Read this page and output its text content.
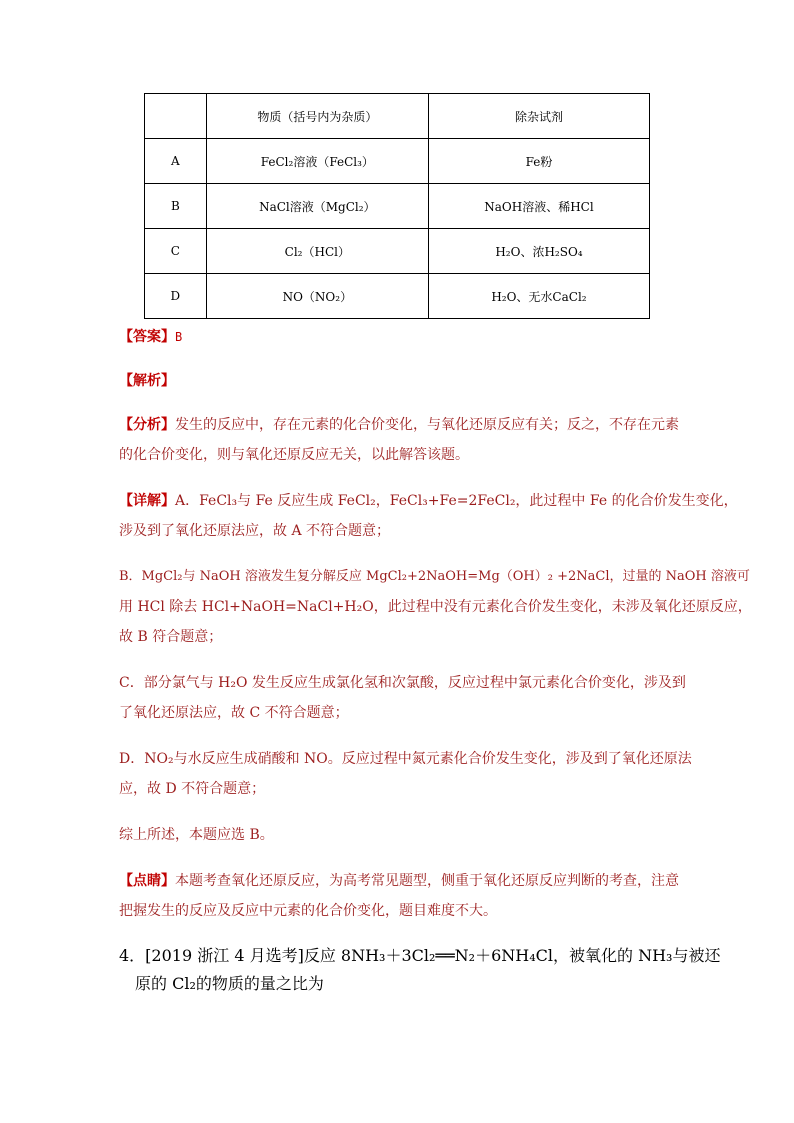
	物质（括号内为杂质）	除杂试剂
A	FeCl₂溶液（FeCl₃）	Fe粉
B	NaCl溶液（MgCl₂）	NaOH溶液、稀HCl
C	Cl₂（HCl）	H₂O、浓H₂SO₄
D	NO（NO₂）	H₂O、无水CaCl₂
【答案】B
【解析】
【分析】发生的反应中，存在元素的化合价变化，与氧化还原反应有关；反之，不存在元素
的化合价变化，则与氧化还原反应无关，以此解答该题。
【详解】A．FeCl₃与 Fe 反应生成 FeCl₂，FeCl₃+Fe=2FeCl₂，此过程中 Fe 的化合价发生变化，
涉及到了氧化还原法应，故 A 不符合题意；
B．MgCl₂与 NaOH 溶液发生复分解反应 MgCl₂+2NaOH=Mg（OH）₂ +2NaCl，过量的 NaOH 溶液可
用 HCl 除去 HCl+NaOH=NaCl+H₂O，此过程中没有元素化合价发生变化，未涉及氧化还原反应，
故 B 符合题意；
C．部分氯气与 H₂O 发生反应生成氯化氢和次氯酸，反应过程中氯元素化合价变化，涉及到
了氧化还原法应，故 C 不符合题意；
D．NO₂与水反应生成硝酸和 NO。反应过程中氮元素化合价发生变化，涉及到了氧化还原法
应，故 D 不符合题意；
综上所述，本题应选 B。
【点睛】本题考查氧化还原反应，为高考常见题型，侧重于氧化还原反应判断的考查，注意
把握发生的反应及反应中元素的化合价变化，题目难度不大。
4．[2019 浙江 4 月选考]反应 8NH₃＋3Cl₂══N₂＋6NH₄Cl，被氧化的 NH₃与被还
原的 Cl₂的物质的量之比为
